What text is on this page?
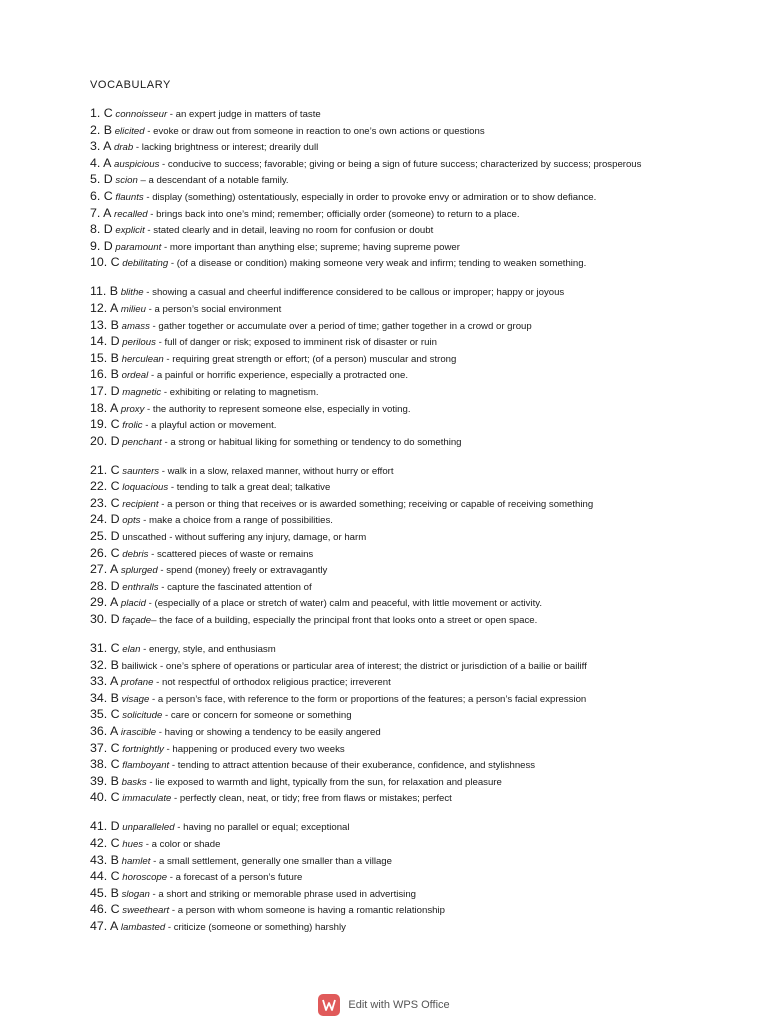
VOCABULARY
1. C connoisseur - an expert judge in matters of taste
2. B elicited - evoke or draw out from someone in reaction to one’s own actions or questions
3. A drab - lacking brightness or interest; drearily dull
4. A auspicious - conducive to success; favorable; giving or being a sign of future success; characterized by success; prosperous
5. D scion – a descendant of a notable family.
6. C flaunts - display (something) ostentatiously, especially in order to provoke envy or admiration or to show defiance.
7. A recalled - brings back into one’s mind; remember; officially order (someone) to return to a place.
8. D explicit - stated clearly and in detail, leaving no room for confusion or doubt
9. D paramount - more important than anything else; supreme; having supreme power
10. C debilitating - (of a disease or condition) making someone very weak and infirm; tending to weaken something.
11. B blithe - showing a casual and cheerful indifference considered to be callous or improper; happy or joyous
12. A milieu - a person’s social environment
13. B amass - gather together or accumulate over a period of time; gather together in a crowd or group
14. D perilous - full of danger or risk; exposed to imminent risk of disaster or ruin
15. B herculean - requiring great strength or effort; (of a person) muscular and strong
16. B ordeal - a painful or horrific experience, especially a protracted one.
17. D magnetic - exhibiting or relating to magnetism.
18. A proxy - the authority to represent someone else, especially in voting.
19. C frolic - a playful action or movement.
20. D penchant - a strong or habitual liking for something or tendency to do something
21. C saunters - walk in a slow, relaxed manner, without hurry or effort
22. C loquacious - tending to talk a great deal; talkative
23. C recipient - a person or thing that receives or is awarded something; receiving or capable of receiving something
24. D opts - make a choice from a range of possibilities.
25. D unscathed - without suffering any injury, damage, or harm
26. C debris - scattered pieces of waste or remains
27. A splurged - spend (money) freely or extravagantly
28. D enthralls - capture the fascinated attention of
29. A placid - (especially of a place or stretch of water) calm and peaceful, with little movement or activity.
30. D façade– the face of a building, especially the principal front that looks onto a street or open space.
31. C elan - energy, style, and enthusiasm
32. B bailiwick - one’s sphere of operations or particular area of interest; the district or jurisdiction of a bailie or bailiff
33. A profane - not respectful of orthodox religious practice; irreverent
34. B visage - a person’s face, with reference to the form or proportions of the features; a person’s facial expression
35. C solicitude - care or concern for someone or something
36. A irascible - having or showing a tendency to be easily angered
37. C fortnightly - happening or produced every two weeks
38. C flamboyant - tending to attract attention because of their exuberance, confidence, and stylishness
39. B basks - lie exposed to warmth and light, typically from the sun, for relaxation and pleasure
40. C immaculate - perfectly clean, neat, or tidy; free from flaws or mistakes; perfect
41. D unparalleled - having no parallel or equal; exceptional
42. C hues - a color or shade
43. B hamlet - a small settlement, generally one smaller than a village
44. C horoscope - a forecast of a person’s future
45. B slogan - a short and striking or memorable phrase used in advertising
46. C sweetheart - a person with whom someone is having a romantic relationship
47. A lambasted - criticize (someone or something) harshly
Edit with WPS Office
